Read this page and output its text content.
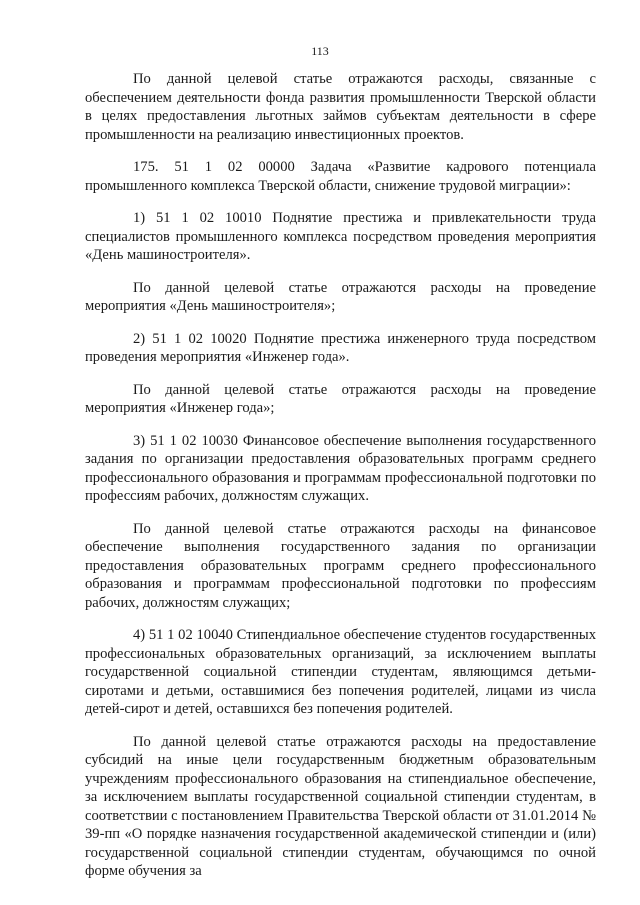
113

По данной целевой статье отражаются расходы, связанные с обеспечением деятельности фонда развития промышленности Тверской области в целях предоставления льготных займов субъектам деятельности в сфере промышленности на реализацию инвестиционных проектов.

175. 51 1 02 00000 Задача «Развитие кадрового потенциала промышленного комплекса Тверской области, снижение трудовой миграции»:

1) 51 1 02 10010 Поднятие престижа и привлекательности труда специалистов промышленного комплекса посредством проведения мероприятия «День машиностроителя».

По данной целевой статье отражаются расходы на проведение мероприятия «День машиностроителя»;

2) 51 1 02 10020 Поднятие престижа инженерного труда посредством проведения мероприятия «Инженер года».

По данной целевой статье отражаются расходы на проведение мероприятия «Инженер года»;

3) 51 1 02 10030 Финансовое обеспечение выполнения государственного задания по организации предоставления образовательных программ среднего профессионального образования и программам профессиональной подготовки по профессиям рабочих, должностям служащих.

По данной целевой статье отражаются расходы на финансовое обеспечение выполнения государственного задания по организации предоставления образовательных программ среднего профессионального образования и программам профессиональной подготовки по профессиям рабочих, должностям служащих;

4) 51 1 02 10040 Стипендиальное обеспечение студентов государственных профессиональных образовательных организаций, за исключением выплаты государственной социальной стипендии студентам, являющимся детьми-сиротами и детьми, оставшимися без попечения родителей, лицами из числа детей-сирот и детей, оставшихся без попечения родителей.

По данной целевой статье отражаются расходы на предоставление субсидий на иные цели государственным бюджетным образовательным учреждениям профессионального образования на стипендиальное обеспечение, за исключением выплаты государственной социальной стипендии студентам, в соответствии с постановлением Правительства Тверской области от 31.01.2014 № 39-пп «О порядке назначения государственной академической стипендии и (или) государственной социальной стипендии студентам, обучающимся по очной форме обучения за
